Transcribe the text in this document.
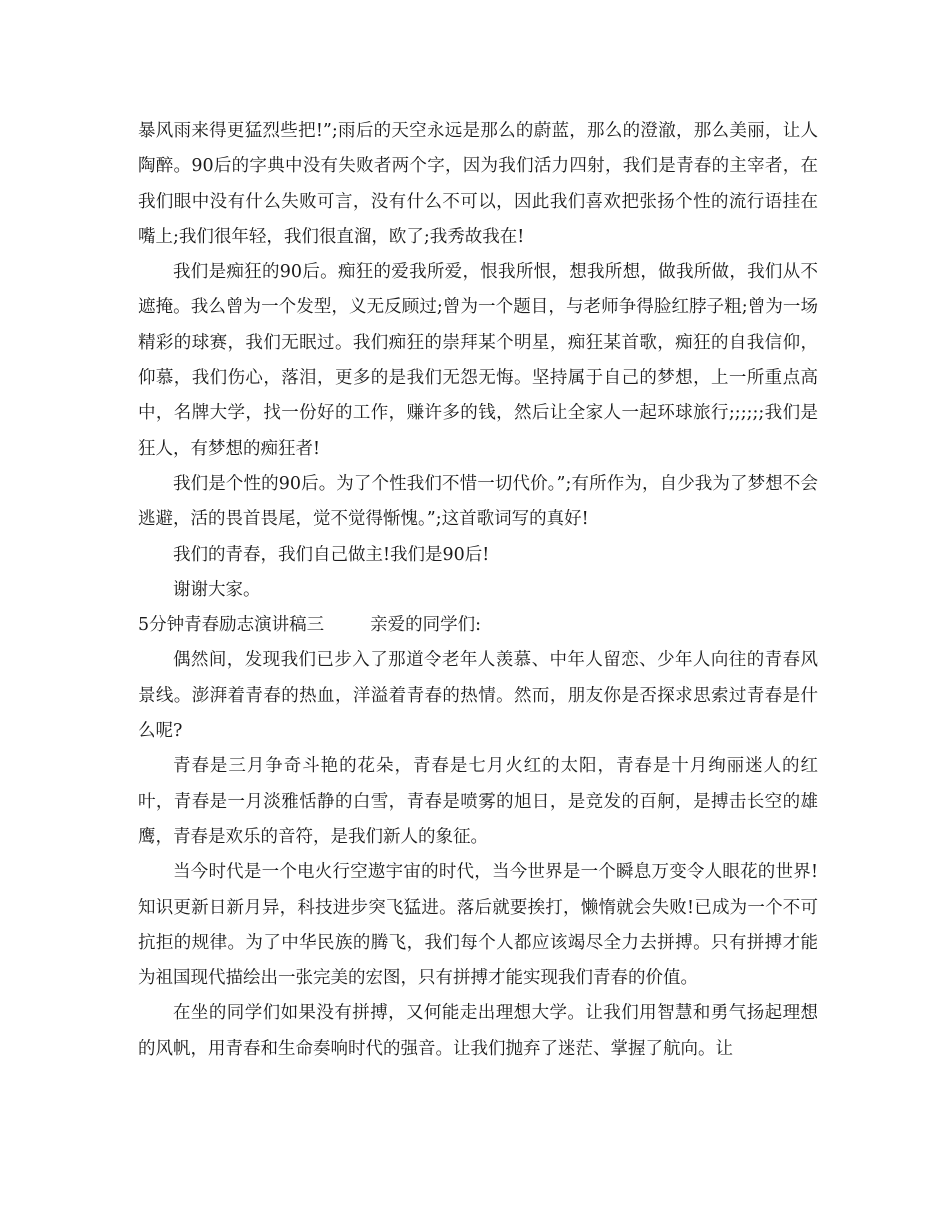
暴风雨来得更猛烈些把!”;雨后的天空永远是那么的蔚蓝，那么的澄澈，那么美丽，让人陶醉。90后的字典中没有失败者两个字，因为我们活力四射，我们是青春的主宰者，在我们眼中没有什么失败可言，没有什么不可以，因此我们喜欢把张扬个性的流行语挂在嘴上;我们很年轻，我们很直溜，欧了;我秀故我在!

我们是痴狂的90后。痴狂的爱我所爱，恨我所恨，想我所想，做我所做，我们从不遮掩。我么曾为一个发型，义无反顾过;曾为一个题目，与老师争得脸红脖子粗;曾为一场精彩的球赛，我们无眠过。我们痴狂的崇拜某个明星，痴狂某首歌，痴狂的自我信仰，仰慕，我们伤心，落泪，更多的是我们无怨无悔。坚持属于自己的梦想，上一所重点高中，名牌大学，找一份好的工作，赚许多的钱，然后让全家人一起环球旅行;;;;;;我们是狂人，有梦想的痴狂者!

我们是个性的90后。为了个性我们不惜一切代价。”;有所作为，自少我为了梦想不会逃避，活的畏首畏尾，觉不觉得惭愧。”;这首歌词写的真好!

我们的青春，我们自己做主!我们是90后!

谢谢大家。

5分钟青春励志演讲稿三	亲爱的同学们:

偶然间，发现我们已步入了那道令老年人羡慕、中年人留恋、少年人向往的青春风景线。澎湃着青春的热血，洋溢着青春的热情。然而，朋友你是否探求思索过青春是什么呢?

青春是三月争奇斗艳的花朵，青春是七月火红的太阳，青春是十月绚丽迷人的红叶，青春是一月淡雅恬静的白雪，青春是喷雾的旭日，是竞发的百舸，是搏击长空的雄鹰，青春是欢乐的音符，是我们新人的象征。

当今时代是一个电火行空遨宇宙的时代，当今世界是一个瞬息万变令人眼花的世界!知识更新日新月异，科技进步突飞猛进。落后就要挨打，懒惰就会失败!已成为一个不可抗拒的规律。为了中华民族的腾飞，我们每个人都应该竭尽全力去拼搏。只有拼搏才能为祖国现代描绘出一张完美的宏图，只有拼搏才能实现我们青春的价值。

在坐的同学们如果没有拼搏，又何能走出理想大学。让我们用智慧和勇气扬起理想的风帆，用青春和生命奏响时代的强音。让我们抛弃了迷茫、掌握了航向。让
